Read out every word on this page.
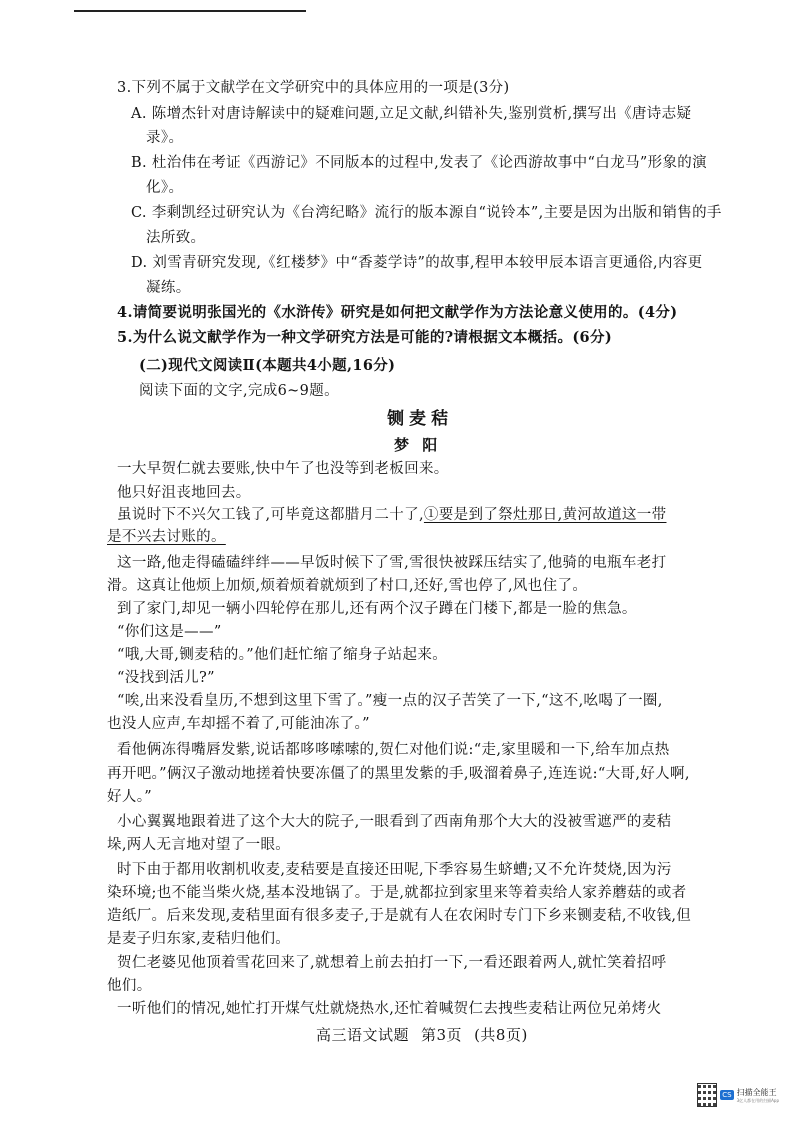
3.下列不属于文献学在文学研究中的具体应用的一项是(3分)
A. 陈增杰针对唐诗解读中的疑难问题,立足文献,纠错补失,鉴别赏析,撰写出《唐诗志疑
录》。
B. 杜治伟在考证《西游记》不同版本的过程中,发表了《论西游故事中“白龙马”形象的演
化》。
C. 李剩凯经过研究认为《台湾纪略》流行的版本源自“说铃本”,主要是因为出版和销售的手
法所致。
D. 刘雪青研究发现,《红楼梦》中“香菱学诗”的故事,程甲本较甲辰本语言更通俗,内容更
凝练。
4.请简要说明张国光的《水浒传》研究是如何把文献学作为方法论意义使用的。(4分)
5.为什么说文献学作为一种文学研究方法是可能的?请根据文本概括。(6分)
(二)现代文阅读Ⅱ(本题共4小题,16分)
阅读下面的文字,完成6~9题。
铡麦秸
梦 阳
一大早贺仁就去要账,快中午了也没等到老板回来。
他只好沮丧地回去。
虽说时下不兴欠工钱了,可毕竟这都腊月二十了,①要是到了祭灶那日,黄河故道这一带
是不兴去讨账的。
这一路,他走得磕磕绊绊——早饭时候下了雪,雪很快被踩压结实了,他骑的电瓶车老打
滑。这真让他烦上加烦,烦着烦着就烦到了村口,还好,雪也停了,风也住了。
到了家门,却见一辆小四轮停在那儿,还有两个汉子蹲在门楼下,都是一脸的焦急。
“你们这是——”
“哦,大哥,铡麦秸的。”他们赶忙缩了缩身子站起来。
“没找到活儿?”
“唉,出来没看皇历,不想到这里下雪了。”瘦一点的汉子苦笑了一下,“这不,吆喝了一圈,
也没人应声,车却摇不着了,可能油冻了。”
看他俩冻得嘴唇发紫,说话都哆哆嗦嗦的,贺仁对他们说:“走,家里暖和一下,给车加点热
再开吧。”俩汉子激动地搓着快要冻僵了的黑里发紫的手,吸溜着鼻子,连连说:“大哥,好人啊,
好人。”
小心翼翼地跟着进了这个大大的院子,一眼看到了西南角那个大大的没被雪遮严的麦秸
垛,两人无言地对望了一眼。
时下由于都用收割机收麦,麦秸要是直接还田呢,下季容易生蛴螬;又不允许焚烧,因为污
染环境;也不能当柴火烧,基本没地锅了。于是,就都拉到家里来等着卖给人家养蘑菇的或者
造纸厂。后来发现,麦秸里面有很多麦子,于是就有人在农闲时专门下乡来铡麦秸,不收钱,但
是麦子归东家,麦秸归他们。
贺仁老婆见他顶着雪花回来了,就想着上前去拍打一下,一看还跟着两人,就忙笑着招呼
他们。
一听他们的情况,她忙打开煤气灶就烧热水,还忙着喊贺仁去拽些麦秸让两位兄弟烤火
高三语文试题 第3页 (共8页)
CS 扫描全能王
3亿人都在用的扫描App
